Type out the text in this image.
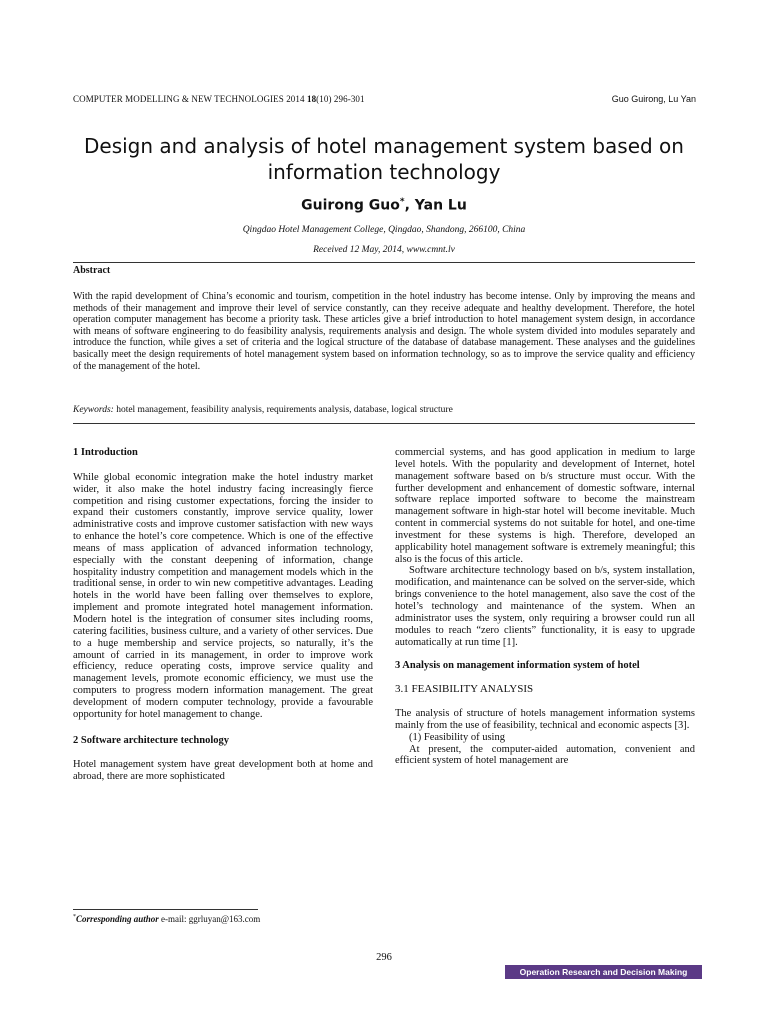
COMPUTER MODELLING & NEW TECHNOLOGIES 2014 18(10) 296-301	Guo Guirong, Lu Yan
Design and analysis of hotel management system based on information technology
Guirong Guo*, Yan Lu
Qingdao Hotel Management College, Qingdao, Shandong, 266100, China
Received 12 May, 2014, www.cmnt.lv
Abstract

With the rapid development of China’s economic and tourism, competition in the hotel industry has become intense. Only by improving the means and methods of their management and improve their level of service constantly, can they receive adequate and healthy development. Therefore, the hotel operation computer management has become a priority task. These articles give a brief introduction to hotel management system design, in accordance with means of software engineering to do feasibility analysis, requirements analysis and design. The whole system divided into modules separately and introduce the function, while gives a set of criteria and the logical structure of the database of database management. These analyses and the guidelines basically meet the design requirements of hotel management system based on information technology, so as to improve the service quality and efficiency of the management of the hotel.

Keywords: hotel management, feasibility analysis, requirements analysis, database, logical structure

1 Introduction

While global economic integration make the hotel industry market wider, it also make the hotel industry facing increasingly fierce competition and rising customer expectations, forcing the insider to expand their customers constantly, improve service quality, lower administrative costs and improve customer satisfaction with new ways to enhance the hotel’s core competence. Which is one of the effective means of mass application of advanced information technology, especially with the constant deepening of information, change hospitality industry competition and management models which in the traditional sense, in order to win new competitive advantages. Leading hotels in the world have been falling over themselves to explore, implement and promote integrated hotel management information. Modern hotel is the integration of consumer sites including rooms, catering facilities, business culture, and a variety of other services. Due to a huge membership and service projects, so naturally, it’s the amount of carried in its management, in order to improve work efficiency, reduce operating costs, improve service quality and management levels, promote economic efficiency, we must use the computers to progress modern information management. The great development of modern computer technology, provide a favourable opportunity for hotel management to change.

2 Software architecture technology

Hotel management system have great development both at home and abroad, there are more sophisticated

commercial systems, and has good application in medium to large level hotels. With the popularity and development of Internet, hotel management software based on b/s structure must occur. With the further development and enhancement of domestic software, internal software replace imported software to become the mainstream management software in high-star hotel will become inevitable. Much content in commercial systems do not suitable for hotel, and one-time investment for these systems is high. Therefore, developed an applicability hotel management software is extremely meaningful; this also is the focus of this article.

Software architecture technology based on b/s, system installation, modification, and maintenance can be solved on the server-side, which brings convenience to the hotel management, also save the cost of the hotel’s technology and maintenance of the system. When an administrator uses the system, only requiring a browser could run all modules to reach “zero clients” functionality, it is easy to upgrade automatically at run time [1].

3 Analysis on management information system of hotel

3.1 FEASIBILITY ANALYSIS

The analysis of structure of hotels management information systems mainly from the use of feasibility, technical and economic aspects [3].

(1) Feasibility of using

At present, the computer-aided automation, convenient and efficient system of hotel management are

*Corresponding author e-mail: ggrluyan@163.com
296
Operation Research and Decision Making
